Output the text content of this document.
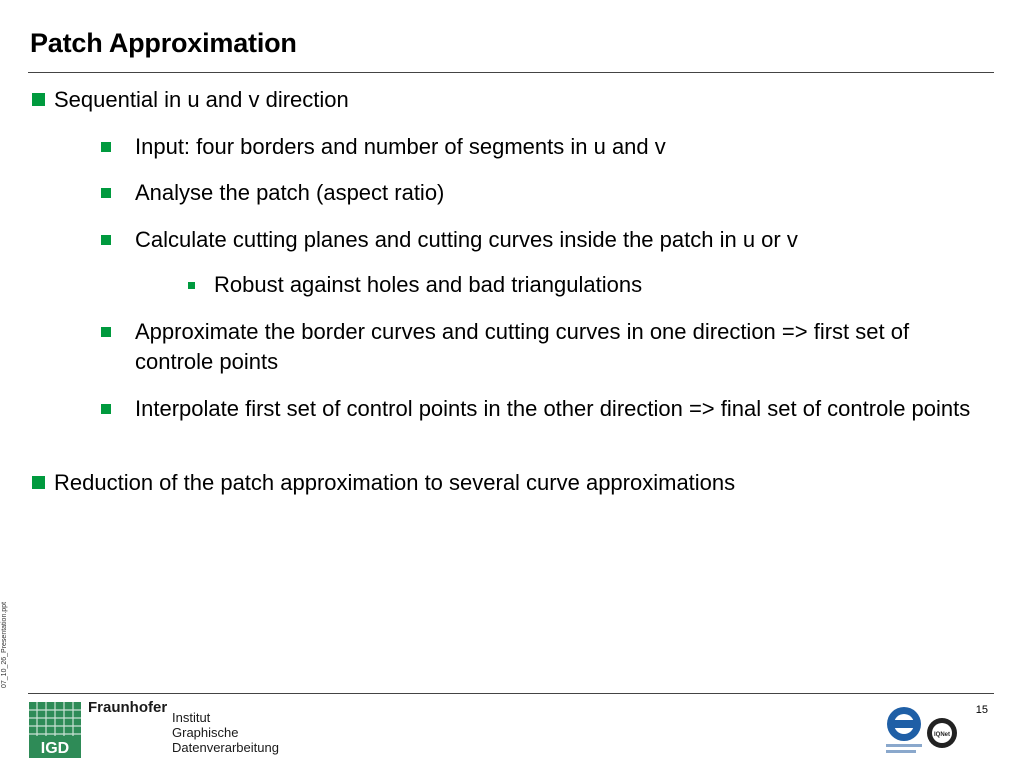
Patch Approximation
Sequential in u and v direction
Input: four borders and number of segments in u and v
Analyse the patch (aspect ratio)
Calculate cutting planes and cutting curves inside the patch in u or v
Robust against holes and bad triangulations
Approximate the border curves and cutting curves in one direction => first set of controle points
Interpolate first set of control points in the other direction => final set of controle points
Reduction of the patch approximation to several curve approximations
07_10_26_Presentation.ppt
15
IGD
Fraunhofer
Institut
Graphische
Datenverarbeitung
IQNet
